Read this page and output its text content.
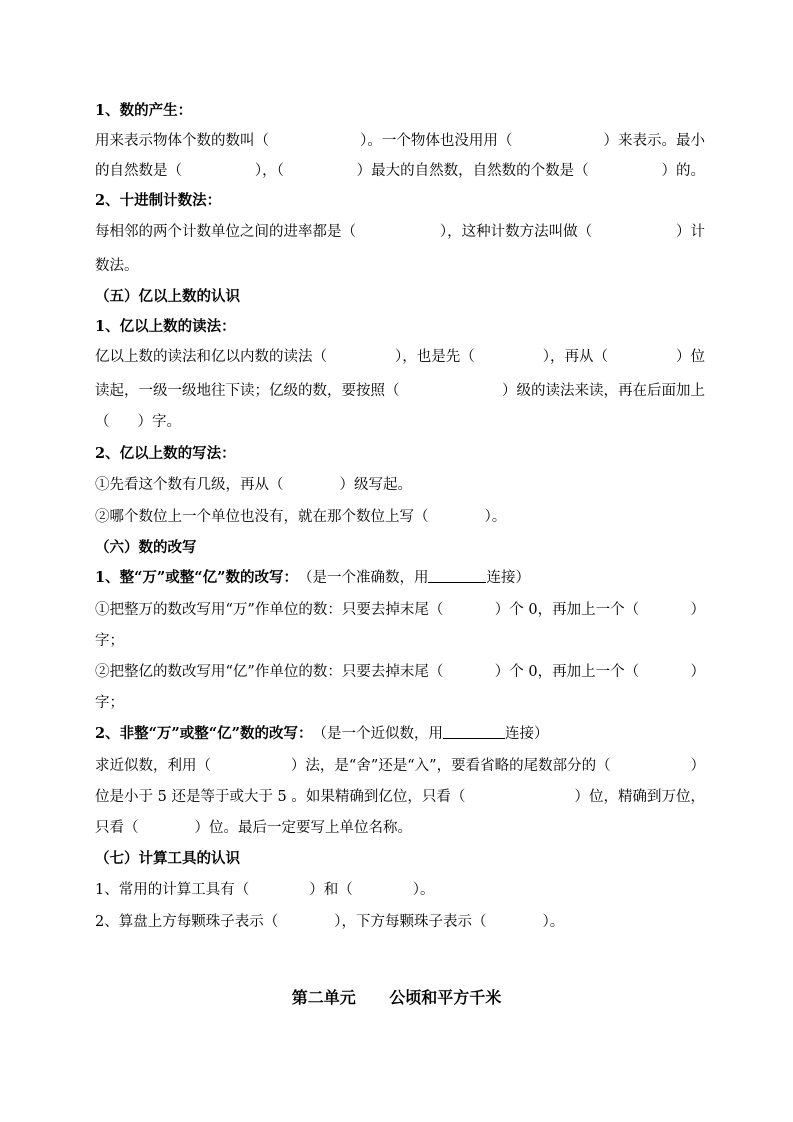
1、数的产生：
用来表示物体个数的数叫（	）。一个物体也没用用（	）来表示。最小
的自然数是（	），（	）最大的自然数，自然数的个数是（	）的。
2、十进制计数法：
每相邻的两个计数单位之间的进率都是（	），这种计数方法叫做（	）计
数法。
（五）亿以上数的认识
1、亿以上数的读法：
亿以上数的读法和亿以内数的读法（	），也是先（	），再从（	）位
读起，一级一级地往下读；亿级的数，要按照（	）级的读法来读，再在后面加上
（ ）字。
2、亿以上数的写法：
①先看这个数有几级，再从（	）级写起。
②哪个数位上一个单位也没有，就在那个数位上写（	）。
（六）数的改写
1、整“万”或整“亿”数的改写： （是一个准确数，用	连接）
①把整万的数改写用“万”作单位的数：只要去掉末尾（	）个 0，再加上一个（	）
字；
②把整亿的数改写用“亿”作单位的数：只要去掉末尾（	）个 0，再加上一个（	）
字；
2、非整“万”或整“亿”数的改写： （是一个近似数，用	连接）
求近似数，利用（	）法，是“舍”还是“入”，要看省略的尾数部分的（	）
位是小于 5 还是等于或大于 5 。如果精确到亿位，只看（	）位，精确到万位，
只看（	）位。最后一定要写上单位名称。
（七）计算工具的认识
1、常用的计算工具有（	）和（	）。
2、算盘上方每颗珠子表示（	），下方每颗珠子表示（	）。
第二单元      公顷和平方千米
